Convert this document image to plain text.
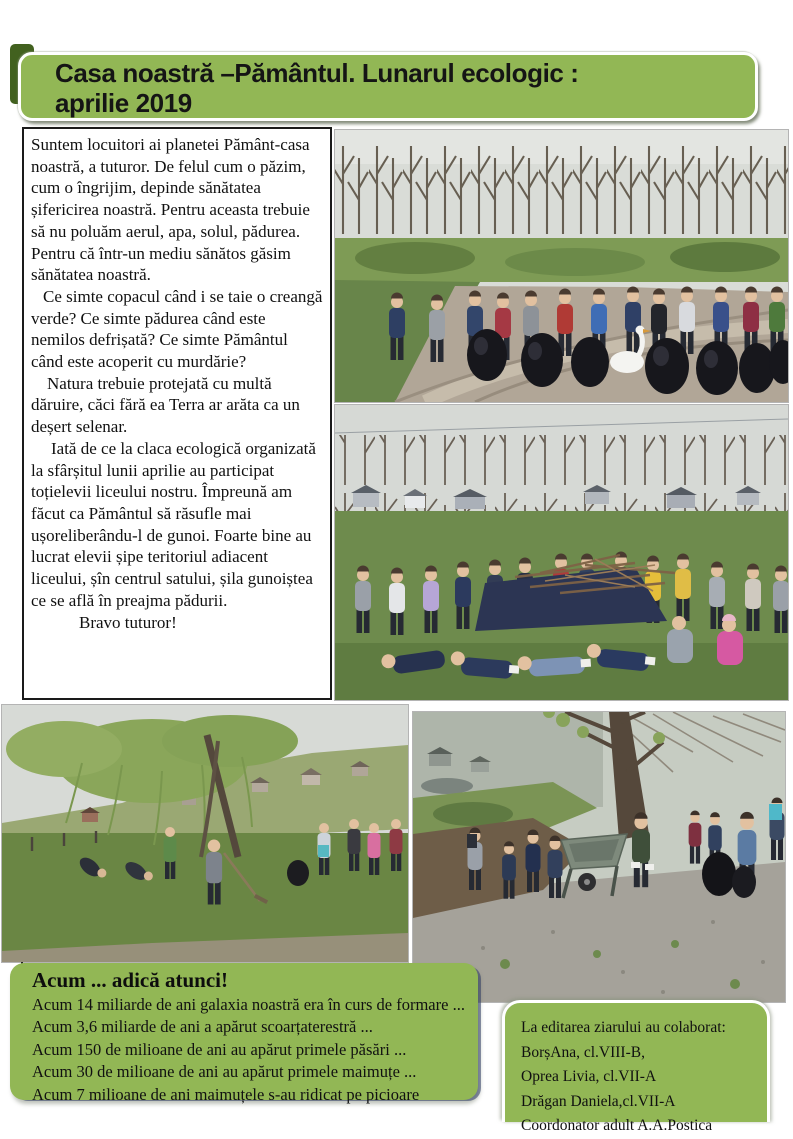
Casa noastră –Pământul. Lunarul ecologic :
aprilie 2019

Suntem locuitori ai planetei Pământ-casa noastră, a tuturor. De felul cum o păzim, cum o îngrijim, depinde sănătatea șifericirea noastră. Pentru aceasta trebuie să nu poluăm aerul, apa, solul, pădurea. Pentru că într-un mediu sănătos găsim sănătatea noastră.

Ce simte copacul când i se taie o creangă verde? Ce simte pădurea când este nemilos defrișată? Ce simte Pământul când este acoperit cu murdărie?

Natura trebuie protejată cu multă dăruire, căci fără ea Terra ar arăta ca un deșert selenar.

Iată de ce la claca ecologică organizată la sfârșitul lunii aprilie au participat toțielevii liceului nostru. Împreună am făcut ca Pământul să răsufle mai ușoreliberându-l de gunoi. Foarte bine au lucrat elevii șipe teritoriul adiacent liceului, șîn centrul satului, șila gunoiștea ce se află în preajma pădurii.

Bravo tuturor!

Acum ... adică atunci!
Acum 14 miliarde de ani galaxia noastră era în curs de formare ...
Acum 3,6 miliarde de ani a apărut scoarțaterestră ...
Acum 150 de milioane de ani au apărut primele păsări ...
Acum 30 de milioane de ani au apărut primele maimuțe ...
Acum 7 milioane de ani maimuțele s-au ridicat pe picioare
La editarea ziarului au colaborat:
BorșAna, cl.VIII-B,
Oprea Livia, cl.VII-A
Drăgan Daniela,cl.VII-A
Coordonator adult A.A.Postica
